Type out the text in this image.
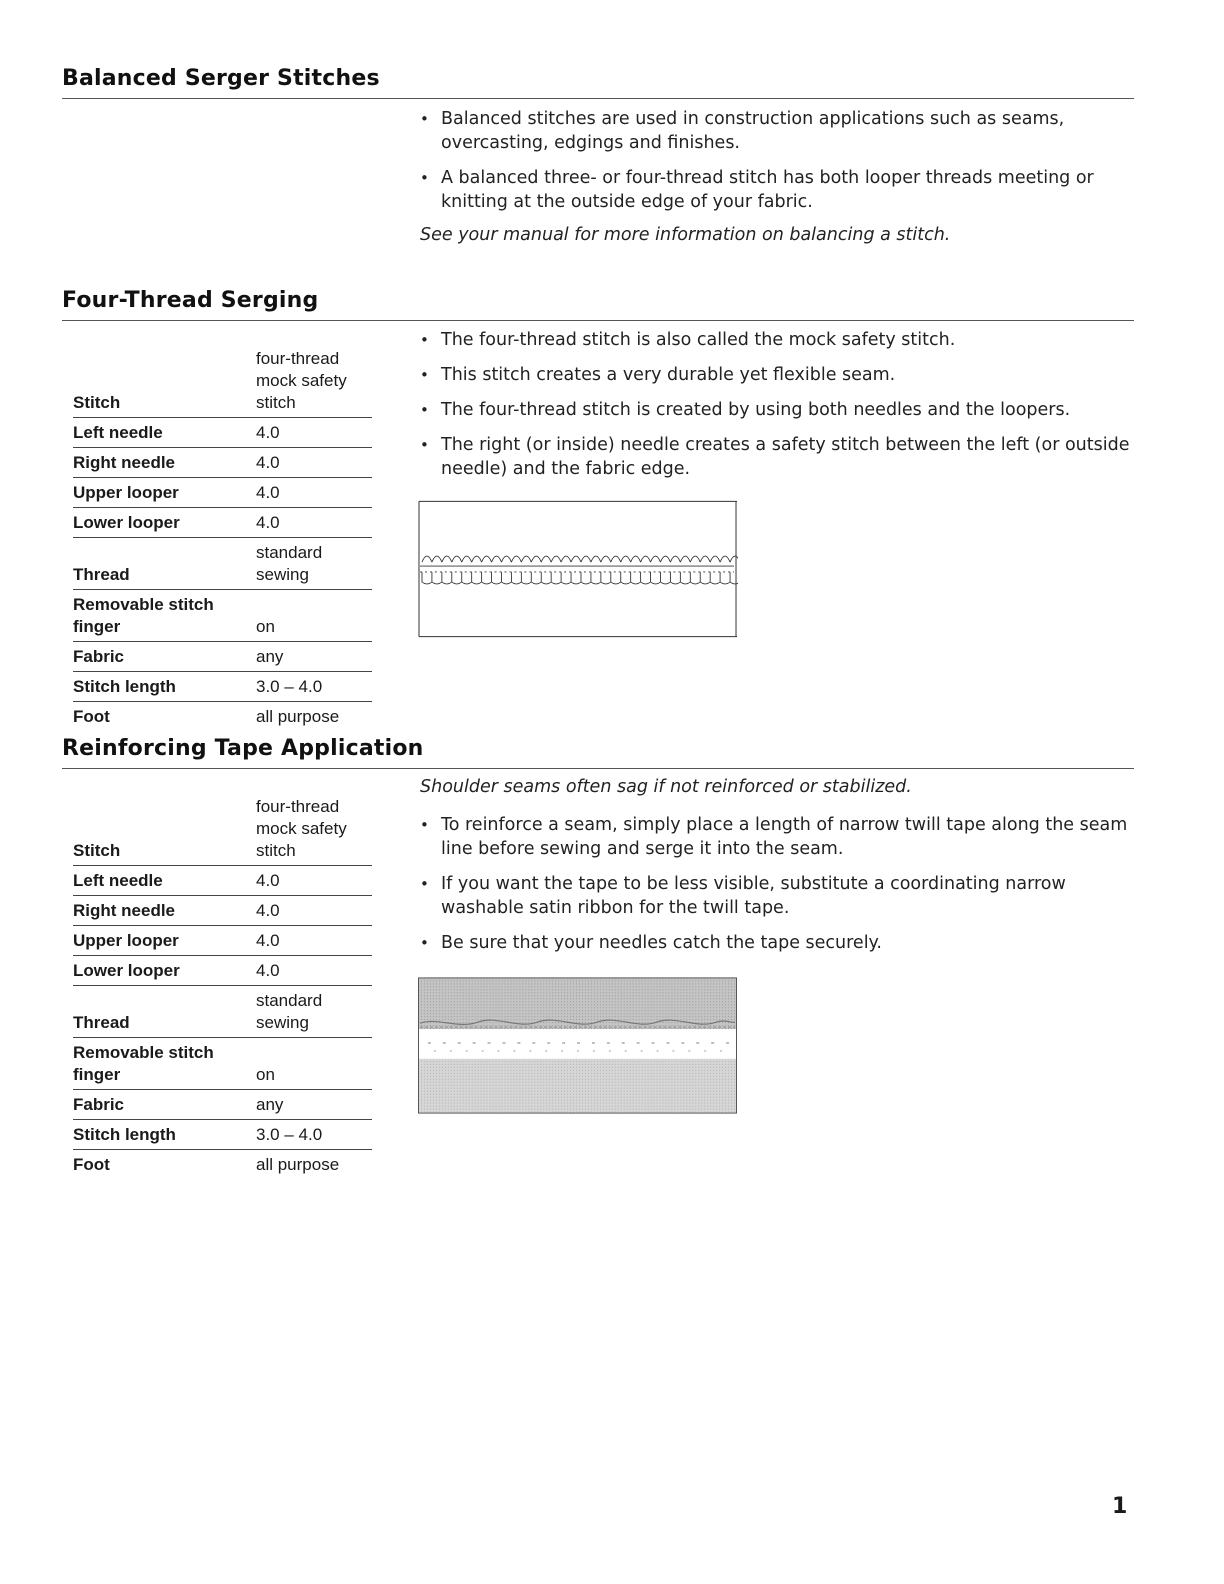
Balanced Serger Stitches
• Balanced stitches are used in construction applications such as seams, overcasting, edgings and finishes.
• A balanced three- or four-thread stitch has both looper threads meeting or knitting at the outside edge of your fabric.

See your manual for more information on balancing a stitch.

Four-Thread Serging
Stitch	four-thread mock safety stitch
Left needle	4.0
Right needle	4.0
Upper looper	4.0
Lower looper	4.0
Thread	standard sewing
Removable stitch finger	on
Fabric	any
Stitch length	3.0 – 4.0
Foot	all purpose
• The four-thread stitch is also called the mock safety stitch.
• This stitch creates a very durable yet flexible seam.
• The four-thread stitch is created by using both needles and the loopers.
• The right (or inside) needle creates a safety stitch between the left (or outside needle) and the fabric edge.
Reinforcing Tape Application

Shoulder seams often sag if not reinforced or stabilized.

Stitch	four-thread mock safety stitch
Left needle	4.0
Right needle	4.0
Upper looper	4.0
Lower looper	4.0
Thread	standard sewing
Removable stitch finger	on
Fabric	any
Stitch length	3.0 – 4.0
Foot	all purpose
• To reinforce a seam, simply place a length of narrow twill tape along the seam line before sewing and serge it into the seam.
• If you want the tape to be less visible, substitute a coordinating narrow washable satin ribbon for the twill tape.
• Be sure that your needles catch the tape securely.
1
